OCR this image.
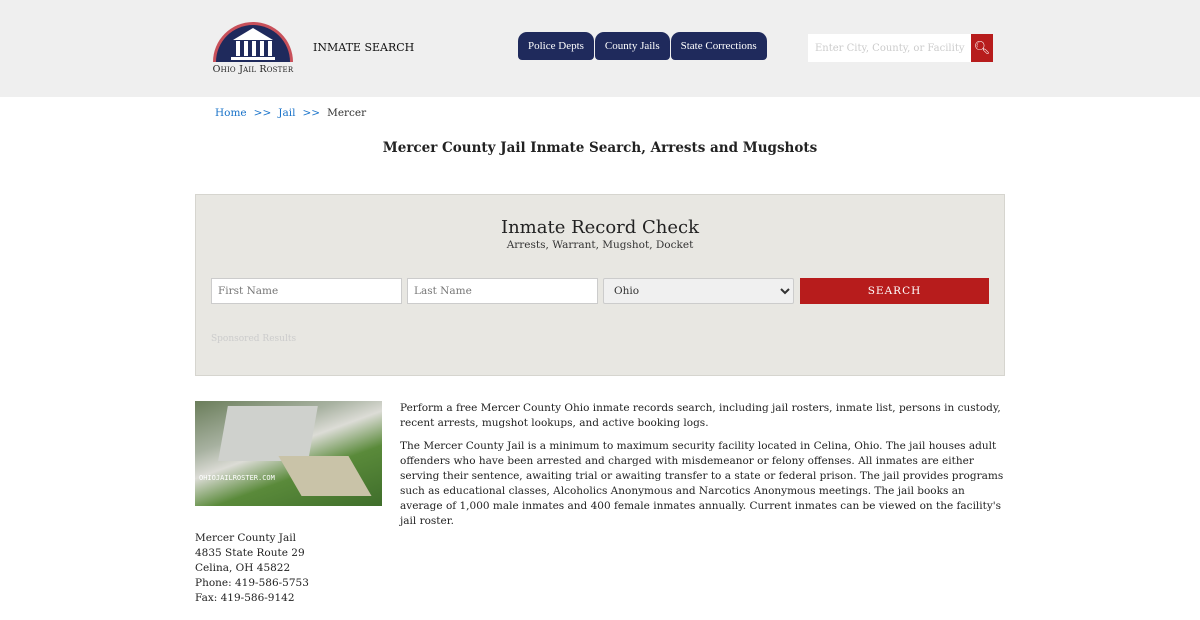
Ohio Jail Roster
INMATE SEARCH	Police Depts	County Jails	State Corrections
Enter City, County, or Facility	🔍︎
Home >> Jail >> Mercer
Mercer County Jail Inmate Search, Arrests and Mugshots
Inmate Record Check
Arrests, Warrant, Mugshot, Docket
First Name
Last Name
Ohio
SEARCH
Sponsored Results
OHIOJAILROSTER.COM
Mercer County Jail
4835 State Route 29
Celina, OH 45822
Phone: 419-586-5753
Fax: 419-586-9142

Perform a free Mercer County Ohio inmate records search, including jail rosters, inmate list, persons in custody, recent arrests, mugshot lookups, and active booking logs.

The Mercer County Jail is a minimum to maximum security facility located in Celina, Ohio. The jail houses adult offenders who have been arrested and charged with misdemeanor or felony offenses. All inmates are either serving their sentence, awaiting trial or awaiting transfer to a state or federal prison. The jail provides programs such as educational classes, Alcoholics Anonymous and Narcotics Anonymous meetings. The jail books an average of 1,000 male inmates and 400 female inmates annually. Current inmates can be viewed on the facility's jail roster.
